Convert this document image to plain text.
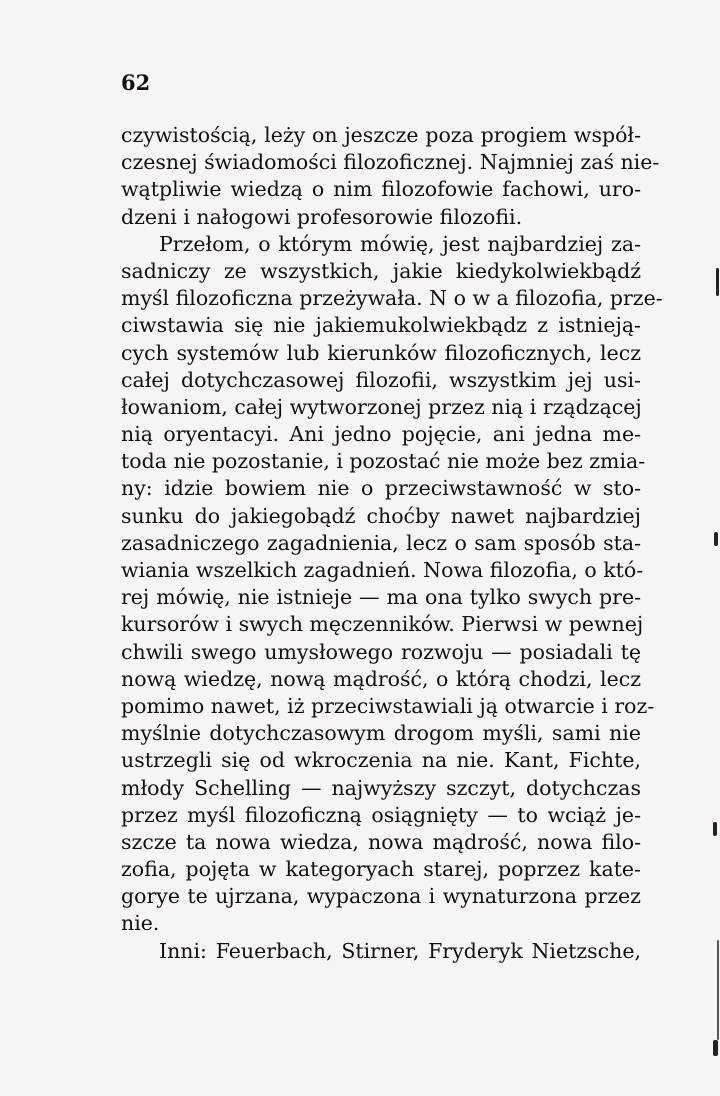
62
czywistością, leży on jeszcze poza progiem współ-
czesnej świadomości filozoficznej. Najmniej zaś nie-
wątpliwie wiedzą o nim filozofowie fachowi, uro-
dzeni i nałogowi profesorowie filozofii.
Przełom, o którym mówię, jest najbardziej za-
sadniczy ze wszystkich, jakie kiedykolwiekbądź
myśl filozoficzna przeżywała. N o w a filozofia, prze-
ciwstawia się nie jakiemukolwiekbądz z istnieją-
cych systemów lub kierunków filozoficznych, lecz
całej dotychczasowej filozofii, wszystkim jej usi-
łowaniom, całej wytworzonej przez nią i rządzącej
nią oryentacyi. Ani jedno pojęcie, ani jedna me-
toda nie pozostanie, i pozostać nie może bez zmia-
ny: idzie bowiem nie o przeciwstawność w sto-
sunku do jakiegobądź choćby nawet najbardziej
zasadniczego zagadnienia, lecz o sam sposób sta-
wiania wszelkich zagadnień. Nowa filozofia, o któ-
rej mówię, nie istnieje — ma ona tylko swych pre-
kursorów i swych męczenników. Pierwsi w pewnej
chwili swego umysłowego rozwoju — posiadali tę
nową wiedzę, nową mądrość, o którą chodzi, lecz
pomimo nawet, iż przeciwstawiali ją otwarcie i roz-
myślnie dotychczasowym drogom myśli, sami nie
ustrzegli się od wkroczenia na nie. Kant, Fichte,
młody Schelling — najwyższy szczyt, dotychczas
przez myśl filozoficzną osiągnięty — to wciąż je-
szcze ta nowa wiedza, nowa mądrość, nowa filo-
zofia, pojęta w kategoryach starej, poprzez kate-
gorye te ujrzana, wypaczona i wynaturzona przez
nie.
Inni: Feuerbach, Stirner, Fryderyk Nietzsche,
